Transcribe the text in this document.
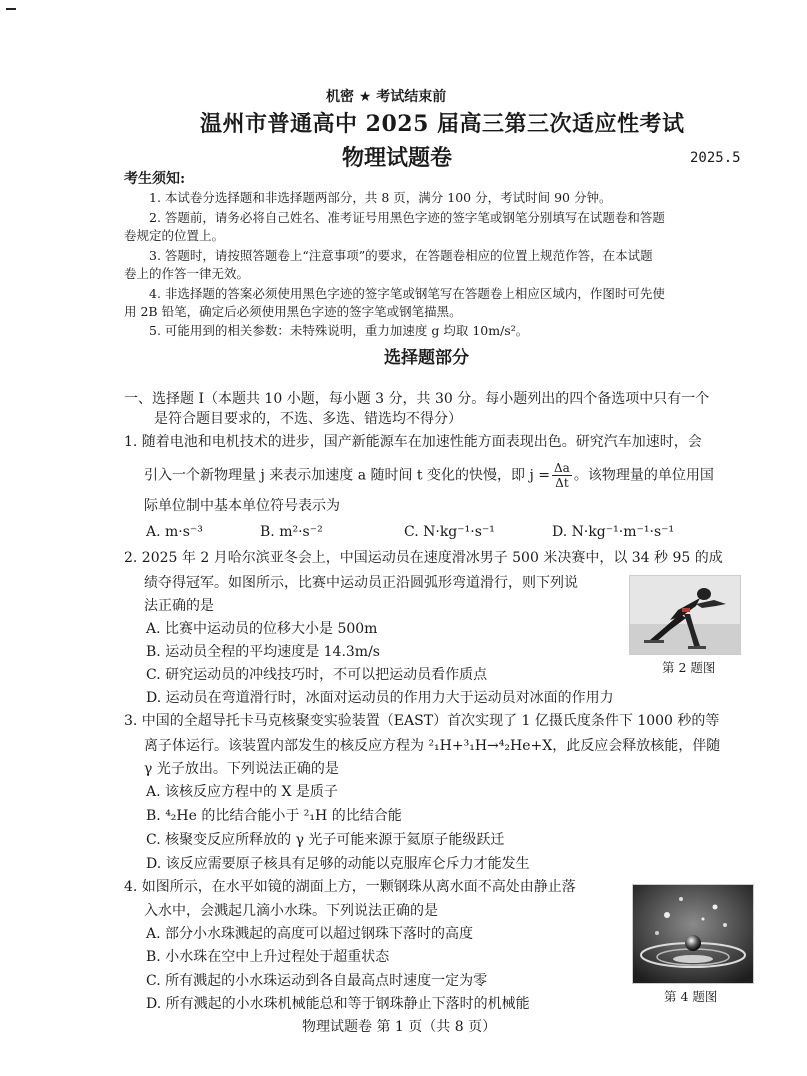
机密 ★ 考试结束前
温州市普通高中 2025 届高三第三次适应性考试
物理试题卷	2025.5
考生须知:
1. 本试卷分选择题和非选择题两部分，共 8 页，满分 100 分，考试时间 90 分钟。
2. 答题前，请务必将自己姓名、准考证号用黑色字迹的签字笔或钢笔分别填写在试题卷和答题
卷规定的位置上。
3. 答题时，请按照答题卷上“注意事项”的要求，在答题卷相应的位置上规范作答，在本试题
卷上的作答一律无效。
4. 非选择题的答案必须使用黑色字迹的签字笔或钢笔写在答题卷上相应区域内，作图时可先使
用 2B 铅笔，确定后必须使用黑色字迹的签字笔或钢笔描黑。
5. 可能用到的相关参数：未特殊说明，重力加速度 g 均取 10m/s²。
选择题部分
一、选择题 I（本题共 10 小题，每小题 3 分，共 30 分。每小题列出的四个备选项中只有一个
是符合题目要求的，不选、多选、错选均不得分）
1. 随着电池和电机技术的进步，国产新能源车在加速性能方面表现出色。研究汽车加速时，会
引入一个新物理量 j 来表示加速度 a 随时间 t 变化的快慢，即 $j = \frac{\Delta a}{\Delta t}$ 。该物理量的单位用国
际单位制中基本单位符号表示为
A. m·s⁻³	B. m²·s⁻²	C. N·kg⁻¹·s⁻¹	D. N·kg⁻¹·m⁻¹·s⁻¹
2. 2025 年 2 月哈尔滨亚冬会上，中国运动员在速度滑冰男子 500 米决赛中，以 34 秒 95 的成
绩夺得冠军。如图所示，比赛中运动员正沿圆弧形弯道滑行，则下列说
法正确的是
A. 比赛中运动员的位移大小是 500m
B. 运动员全程的平均速度是 14.3m/s
C. 研究运动员的冲线技巧时，不可以把运动员看作质点
D. 运动员在弯道滑行时，冰面对运动员的作用力大于运动员对冰面的作用力
第 2 题图
3. 中国的全超导托卡马克核聚变实验装置（EAST）首次实现了 1 亿摄氏度条件下 1000 秒的等
离子体运行。该装置内部发生的核反应方程为 ²₁H+³₁H→⁴₂He+X，此反应会释放核能，伴随
γ 光子放出。下列说法正确的是
A. 该核反应方程中的 X 是质子
B. ⁴₂He 的比结合能小于 ²₁H 的比结合能
C. 核聚变反应所释放的 γ 光子可能来源于氦原子能级跃迁
D. 该反应需要原子核具有足够的动能以克服库仑斥力才能发生
4. 如图所示，在水平如镜的湖面上方，一颗钢珠从离水面不高处由静止落
入水中，会溅起几滴小水珠。下列说法正确的是
A. 部分小水珠溅起的高度可以超过钢珠下落时的高度
B. 小水珠在空中上升过程处于超重状态
C. 所有溅起的小水珠运动到各自最高点时速度一定为零
D. 所有溅起的小水珠机械能总和等于钢珠静止下落时的机械能	第 4 题图
物理试题卷 第 1 页（共 8 页）
